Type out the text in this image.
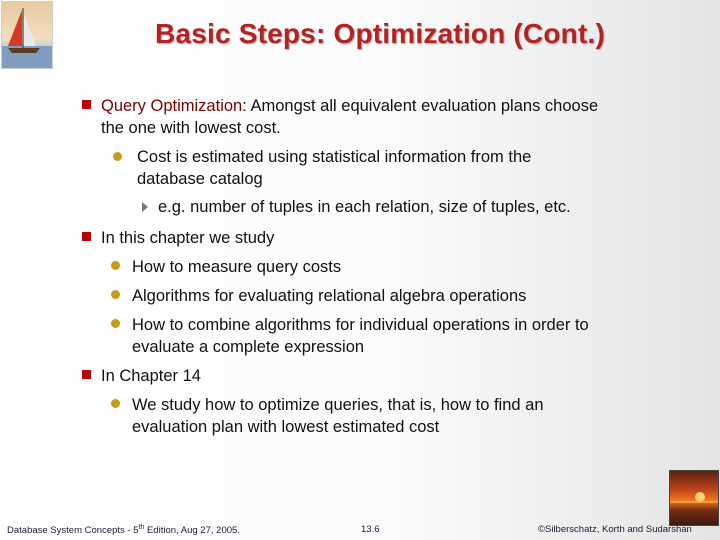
Basic Steps: Optimization (Cont.)
Query Optimization: Amongst all equivalent evaluation plans choose
the one with lowest cost.
Cost is estimated using statistical information from the
database catalog
e.g. number of tuples in each relation, size of tuples, etc.
In this chapter we study
How to measure query costs
Algorithms for evaluating relational algebra operations
How to combine algorithms for individual operations in order to
evaluate a complete expression
In Chapter 14
We study how to optimize queries, that is, how to find an
evaluation plan with lowest estimated cost
Database System Concepts - 5th Edition, Aug 27, 2005.	13.6	©Silberschatz, Korth and Sudarshan
